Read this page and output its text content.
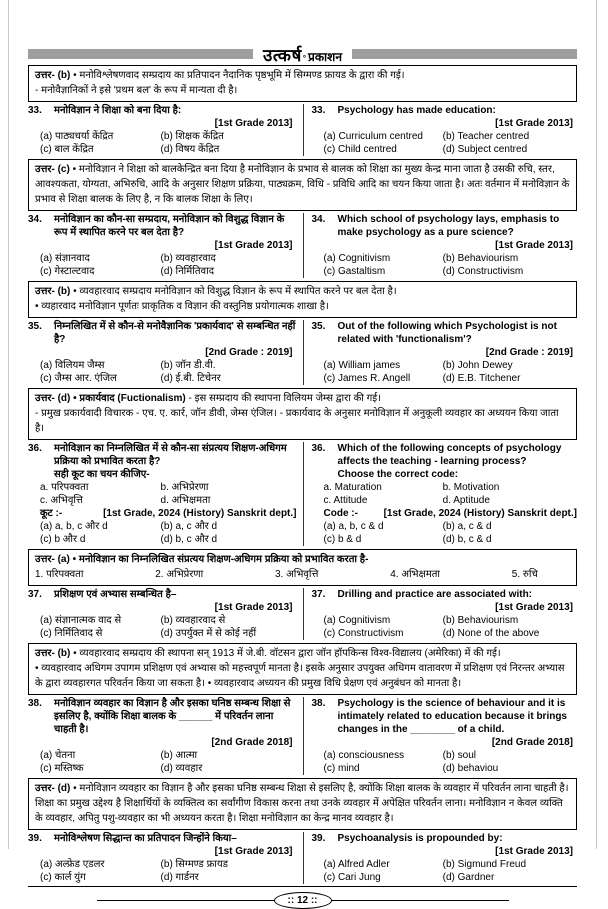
उत्कर्ष ° प्रकाशन
उत्तर- (b) • मनोविश्लेषणवाद सम्प्रदाय का प्रतिपादन नैदानिक पृष्ठभूमि में सिग्मण्ड फ्रायड के द्वारा की गई।
- मनोवैज्ञानिकों ने इसे 'प्रथम बल' के रूप में मान्यता दी है।
33.	मनोविज्ञान ने शिक्षा को बना दिया है:
[1st Grade 2013]
(a) पाठ्यचर्या केंद्रित	(b) शिक्षक केंद्रित
(c) बाल केंद्रित	(d) विषय केंद्रित
33.	Psychology has made education:
[1st Grade 2013]
(a) Curriculum centred	(b) Teacher centred
(c) Child centred	(d) Subject centred
उत्तर- (c) • मनोविज्ञान ने शिक्षा को बालकेन्द्रित बना दिया है मनोविज्ञान के प्रभाव से बालक को शिक्षा का मुख्य केन्द्र माना जाता है उसकी रुचि, स्तर, आवश्यकता, योग्यता, अभिरुचि, आदि के अनुसार शिक्षण प्रक्रिया, पाठ्यक्रम, विधि - प्रविधि आदि का चयन किया जाता है। अतः वर्तमान में मनोविज्ञान के प्रभाव से शिक्षा बालक के लिए है, न कि बालक शिक्षा के लिए।
34.	मनोविज्ञान का कौन-सा सम्प्रदाय, मनोविज्ञान को विशुद्ध विज्ञान के रूप में स्थापित करने पर बल देता है?
[1st Grade 2013]
(a) संज्ञानवाद	(b) व्यवहारवाद
(c) गेस्टाल्टवाद	(d) निर्मितिवाद
34.	Which school of psychology lays, emphasis to make psychology as a pure science?
[1st Grade 2013]
(a) Cognitivism	(b) Behaviourism
(c) Gastaltism	(d) Constructivism
उत्तर- (b) • व्यवहारवाद सम्प्रदाय मनोविज्ञान को विशुद्ध विज्ञान के रूप में स्थापित करने पर बल देता है।
• व्यहारवाद मनोविज्ञान पूर्णतः प्राकृतिक व विज्ञान की वस्तुनिष्ठ प्रयोगात्मक शाखा है।
35.	निम्नलिखित में से कौन-से मनोवैज्ञानिक 'प्रकार्यवाद' से सम्बन्धित नहीं है?
[2nd Grade : 2019]
(a) विलियम जैम्स	(b) जॉन डी.वी.
(c) जैम्स आर. एंजिल	(d) ई.बी. टिचेनर
35.	Out of the following which Psychologist is not related with 'functionalism'?
[2nd Grade : 2019]
(a) William james	(b) John Dewey
(c) James R. Angell	(d) E.B. Titchener
उत्तर- (d) • प्रकार्यवाद (Fuctionalism) - इस सम्प्रदाय की स्थापना विलियम जेम्स द्वारा की गई।
- प्रमुख प्रकार्यवादी विचारक - एच. ए. कार्र, जॉन डीवी, जेम्स एंजिल। - प्रकार्यवाद के अनुसार मनोविज्ञान में अनुकूली व्यवहार का अध्ययन किया जाता है।
36.	मनोविज्ञान का निम्नलिखित में से कौन-सा संप्रत्यय शिक्षण-अधिगम प्रक्रिया को प्रभावित करता है?
सही कूट का चयन कीजिए-
a. परिपक्वता	b. अभिप्रेरणा
c. अभिवृत्ति	d. अभिक्षमता
कूट :-	[1st Grade, 2024 (History) Sanskrit dept.]
(a) a, b, c और d	(b) a, c और d
(c) b और d	(d) b, c और d
36.	Which of the following concepts of psychology affects the teaching - learning process?
Choose the correct code:
a. Maturation	b. Motivation
c. Attitude	d. Aptitude
Code :-	[1st Grade, 2024 (History) Sanskrit dept.]
(a) a, b, c & d	(b) a, c & d
(c) b & d	(d) b, c & d
उत्तर- (a) • मनोविज्ञान का निम्नलिखित संप्रत्यय शिक्षण-अधिगम प्रक्रिया को प्रभावित करता है-
1. परिपक्वता	2. अभिप्रेरणा	3. अभिवृत्ति	4. अभिक्षमता	5. रुचि
37.	प्रशिक्षण एवं अभ्यास सम्बन्धित है–
[1st Grade 2013]
(a) संज्ञानात्मक वाद से	(b) व्यवहारवाद से
(c) निर्मितिवाद से	(d) उपर्युक्त में से कोई नहीं
37.	Drilling and practice are associated with:
[1st Grade 2013]
(a) Cognitivism	(b) Behaviourism
(c) Constructivism	(d) None of the above
उत्तर- (b) • व्यवहारवाद सम्प्रदाय की स्थापना सन् 1913 में जे.बी. वॉटसन द्वारा जॉन हॉपकिन्स विश्व-विद्यालय (अमेरिका) में की गई।
• व्यवहारवाद अधिगम उपागम प्रशिक्षण एवं अभ्यास को महत्त्वपूर्ण मानता है। इसके अनुसार उपयुक्त अधिगम वातावरण में प्रशिक्षण एवं निरन्तर अभ्यास के द्वारा व्यवहारगत परिवर्तन किया जा सकता है। • व्यवहारवाद अध्ययन की प्रमुख विधि प्रेक्षण एवं अनुबंधन को मानता है।
38.	मनोविज्ञान व्यवहार का विज्ञान है और इसका घनिष्ठ सम्बन्ध शिक्षा से इसलिए है, क्योंकि शिक्षा बालक के ______ में परिवर्तन लाना चाहती है।
[2nd Grade 2018]
(a) चेतना	(b) आत्मा
(c) मस्तिष्क	(d) व्यवहार
38.	Psychology is the science of behaviour and it is intimately related to education because it brings changes in the ________ of a child.
[2nd Grade 2018]
(a) consciousness	(b) soul
(c) mind	(d) behaviou
उत्तर- (d) • मनोविज्ञान व्यवहार का विज्ञान है और इसका घनिष्ठ सम्बन्ध शिक्षा से इसलिए है, क्योंकि शिक्षा बालक के व्यवहार में परिवर्तन लाना चाहती है। शिक्षा का प्रमुख उद्देश्य है शिक्षार्थियों के व्यक्तित्व का सर्वांगीण विकास करना तथा उनके व्यवहार में अपेक्षित परिवर्तन लाना। मनोविज्ञान न केवल व्यक्ति के व्यवहार, अपितु पशु-व्यवहार का भी अध्ययन करता है। शिक्षा मनोविज्ञान का केन्द्र मानव व्यवहार है।
39.	मनोविश्लेषण सिद्धान्त का प्रतिपादन जिन्होंने किया–
[1st Grade 2013]
(a) अल्फ्रेड एडलर	(b) सिग्मण्ड फ्रायड
(c) कार्ल युंग	(d) गार्डनर
39.	Psychoanalysis is propounded by:
[1st Grade 2013]
(a) Alfred Adler	(b) Sigmund Freud
(c) Cari Jung	(d) Gardner
:: 12 ::
